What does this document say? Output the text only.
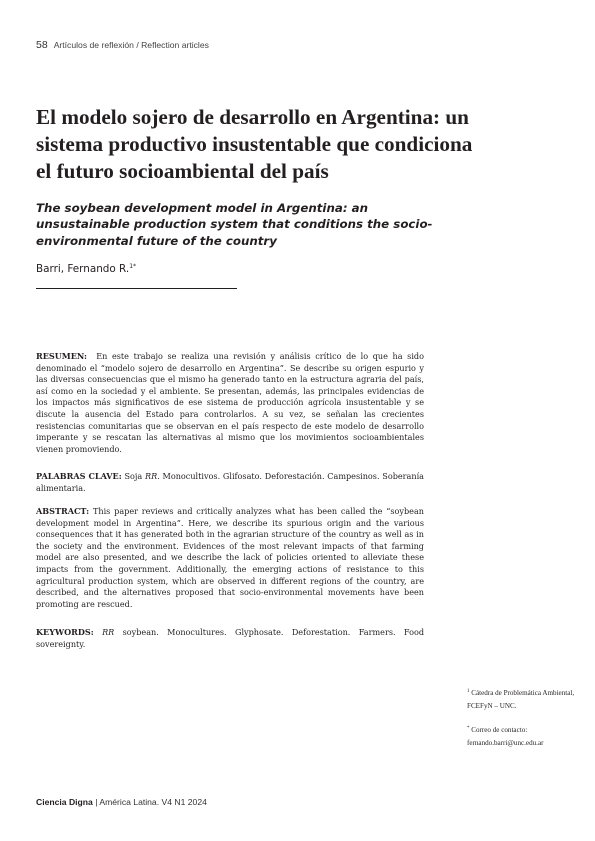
58 Artículos de reflexión / Reflection articles
El modelo sojero de desarrollo en Argentina: un sistema productivo insustentable que condiciona el futuro socioambiental del país
The soybean development model in Argentina: an unsustainable production system that conditions the socio-environmental future of the country
Barri, Fernando R.$^{1*}$
RESUMEN: En este trabajo se realiza una revisión y análisis crítico de lo que ha sido denominado el “modelo sojero de desarrollo en Argentina”. Se describe su origen espurio y las diversas consecuencias que el mismo ha generado tanto en la estructura agraria del país, así como en la sociedad y el ambiente. Se presentan, además, las principales evidencias de los impactos más significativos de ese sistema de producción agrícola insustentable y se discute la ausencia del Estado para controlarlos. A su vez, se señalan las crecientes resistencias comunitarias que se observan en el país respecto de este modelo de desarrollo imperante y se rescatan las alternativas al mismo que los movimientos socioambientales vienen promoviendo.
PALABRAS CLAVE: Soja RR. Monocultivos. Glifosato. Deforestación. Campesinos. Soberanía alimentaria.
ABSTRACT: This paper reviews and critically analyzes what has been called the “soybean development model in Argentina”. Here, we describe its spurious origin and the various consequences that it has generated both in the agrarian structure of the country as well as in the society and the environment. Evidences of the most relevant impacts of that farming model are also presented, and we describe the lack of policies oriented to alleviate these impacts from the government. Additionally, the emerging actions of resistance to this agricultural production system, which are observed in different regions of the country, are described, and the alternatives proposed that socio-environmental movements have been promoting are rescued.
KEYWORDS: RR soybean. Monocultures. Glyphosate. Deforestation. Farmers. Food sovereignty.
$^1$ Cátedra de Problemática Ambiental, FCEFyN – UNC.
* Correo de contacto: fernando.barri@unc.edu.ar
Ciencia Digna | América Latina. V4 N1 2024
